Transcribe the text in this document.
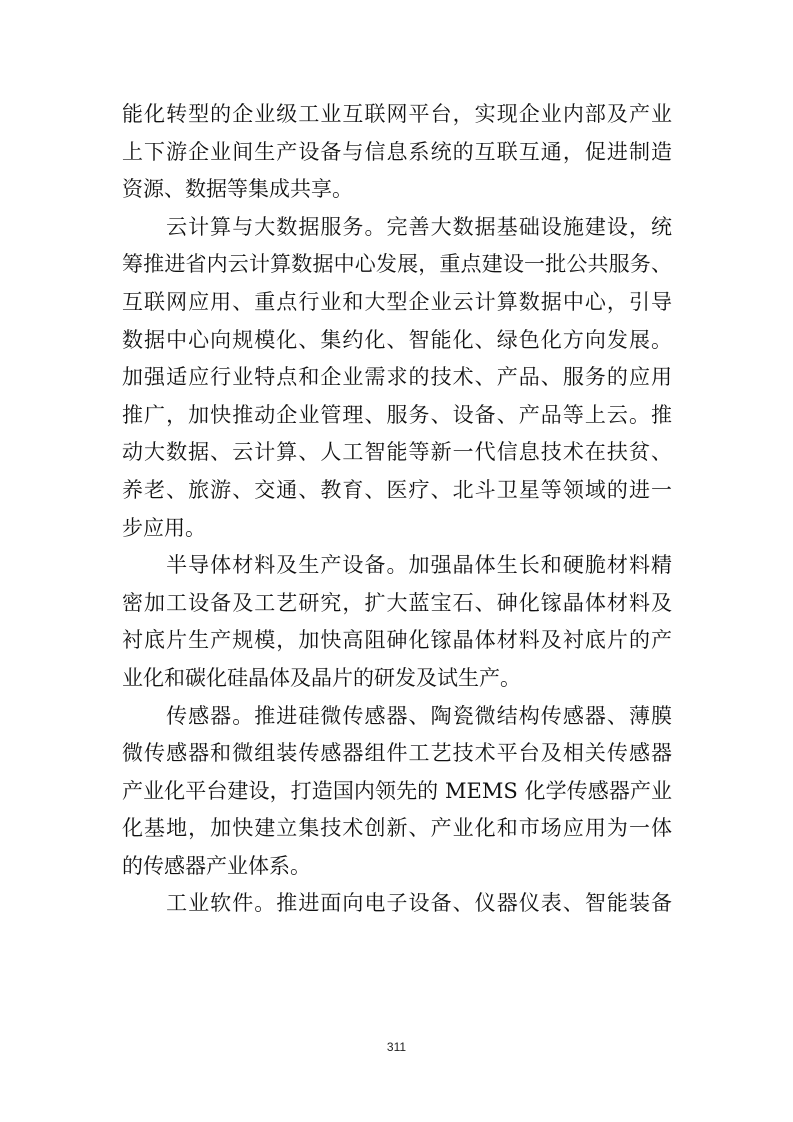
能化转型的企业级工业互联网平台，实现企业内部及产业
上下游企业间生产设备与信息系统的互联互通，促进制造
资源、数据等集成共享。
　　云计算与大数据服务。完善大数据基础设施建设，统
筹推进省内云计算数据中心发展，重点建设一批公共服务、
互联网应用、重点行业和大型企业云计算数据中心，引导
数据中心向规模化、集约化、智能化、绿色化方向发展。
加强适应行业特点和企业需求的技术、产品、服务的应用
推广，加快推动企业管理、服务、设备、产品等上云。推
动大数据、云计算、人工智能等新一代信息技术在扶贫、
养老、旅游、交通、教育、医疗、北斗卫星等领域的进一
步应用。
　　半导体材料及生产设备。加强晶体生长和硬脆材料精
密加工设备及工艺研究，扩大蓝宝石、砷化镓晶体材料及
衬底片生产规模，加快高阻砷化镓晶体材料及衬底片的产
业化和碳化硅晶体及晶片的研发及试生产。
　　传感器。推进硅微传感器、陶瓷微结构传感器、薄膜
微传感器和微组装传感器组件工艺技术平台及相关传感器
产业化平台建设，打造国内领先的 MEMS 化学传感器产业
化基地，加快建立集技术创新、产业化和市场应用为一体
的传感器产业体系。
　　工业软件。推进面向电子设备、仪器仪表、智能装备
311
